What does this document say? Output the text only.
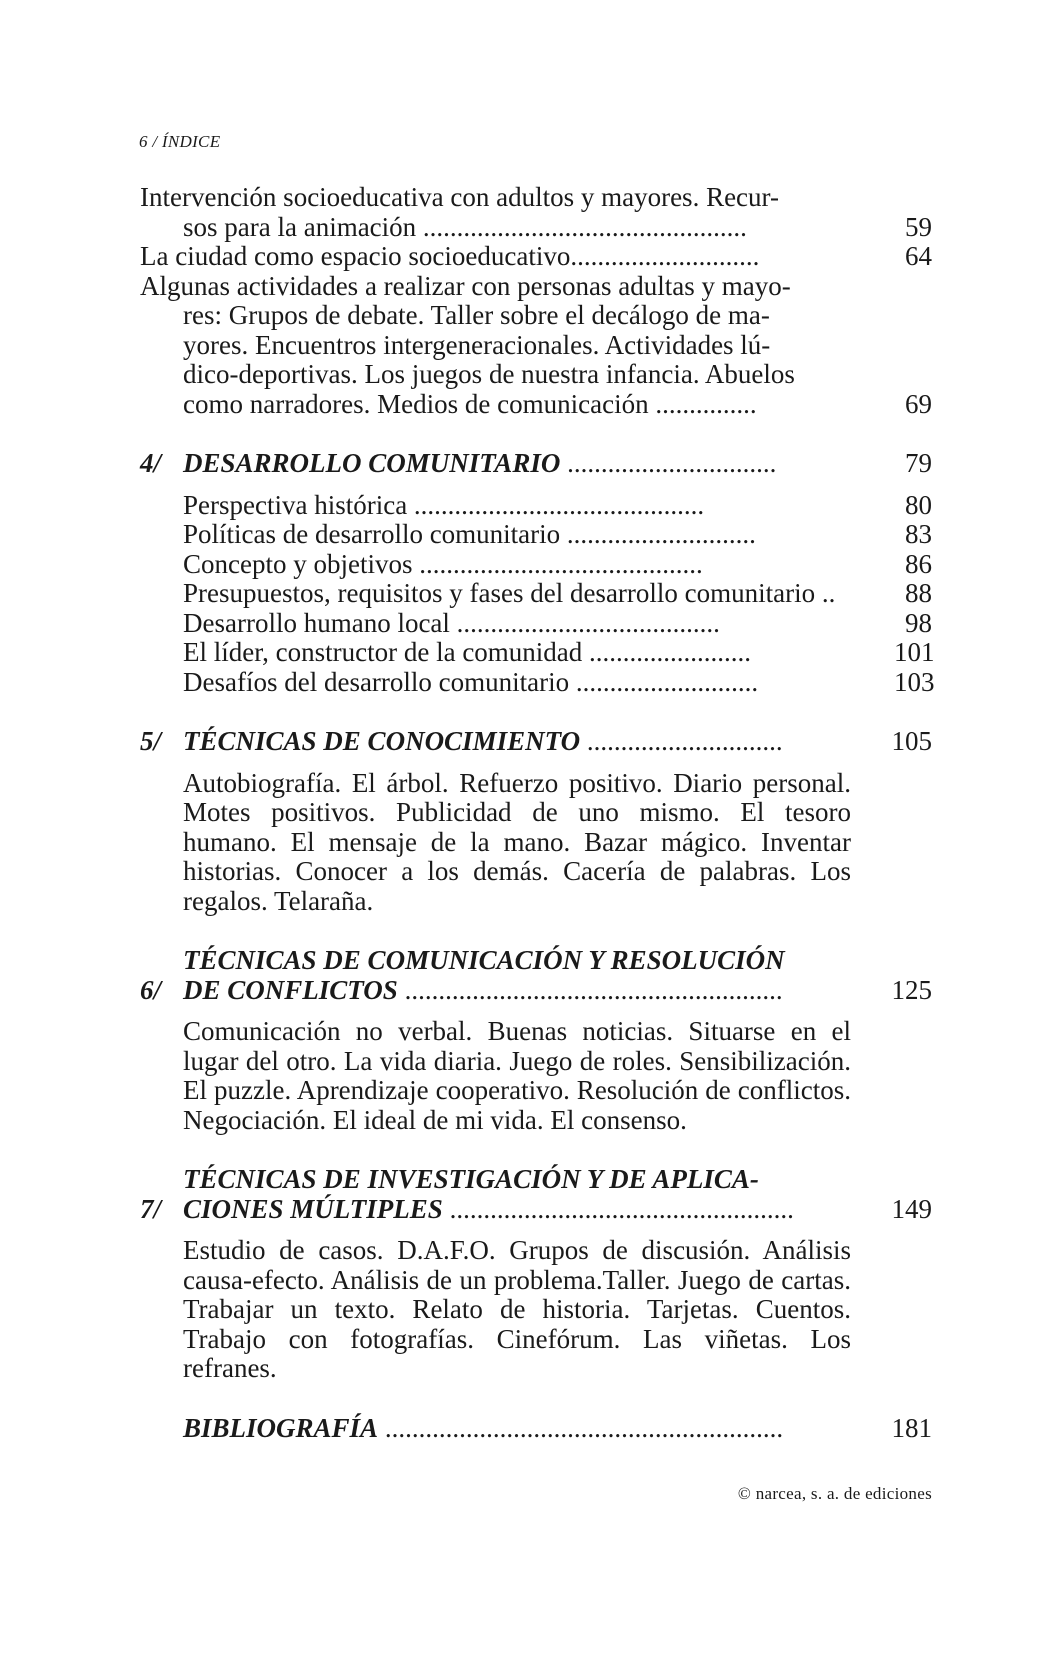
6 / ÍNDICE
Intervención socioeducativa con adultos y mayores. Recur-
sos para la animación ................................................	59
La ciudad como espacio socioeducativo............................	64
Algunas actividades a realizar con personas adultas y mayo-
res: Grupos de debate. Taller sobre el decálogo de ma-
yores. Encuentros intergeneracionales. Actividades lú-
dico-deportivas. Los juegos de nuestra infancia. Abuelos
como narradores. Medios de comunicación ...............	69
4/ DESARROLLO COMUNITARIO ...............................	79
Perspectiva histórica ...........................................	80
Políticas de desarrollo comunitario ............................	83
Concepto y objetivos ..........................................	86
Presupuestos, requisitos y fases del desarrollo comunitario ..	88
Desarrollo humano local .......................................	98
El líder, constructor de la comunidad ........................	101
Desafíos del desarrollo comunitario ...........................	103
5/ TÉCNICAS DE CONOCIMIENTO .............................	105
Autobiografía. El árbol. Refuerzo positivo. Diario personal. Motes positivos. Publicidad de uno mismo. El tesoro humano. El mensaje de la mano. Bazar mágico. Inventar historias. Conocer a los demás. Cacería de palabras. Los regalos. Telaraña.
6/
TÉCNICAS DE COMUNICACIÓN Y RESOLUCIÓN
DE CONFLICTOS ........................................................	125
Comunicación no verbal. Buenas noticias. Situarse en el lugar del otro. La vida diaria. Juego de roles. Sensibilización. El puzzle. Aprendizaje cooperativo. Resolución de conflictos. Negociación. El ideal de mi vida. El consenso.
7/
TÉCNICAS DE INVESTIGACIÓN Y DE APLICA-
CIONES MÚLTIPLES ...................................................	149
Estudio de casos. D.A.F.O. Grupos de discusión. Análisis causa-efecto. Análisis de un problema.Taller. Juego de cartas. Trabajar un texto. Relato de historia. Tarjetas. Cuentos. Trabajo con fotografías. Cinefórum. Las viñetas. Los refranes.
BIBLIOGRAFÍA ...........................................................	181
© narcea, s. a. de ediciones
